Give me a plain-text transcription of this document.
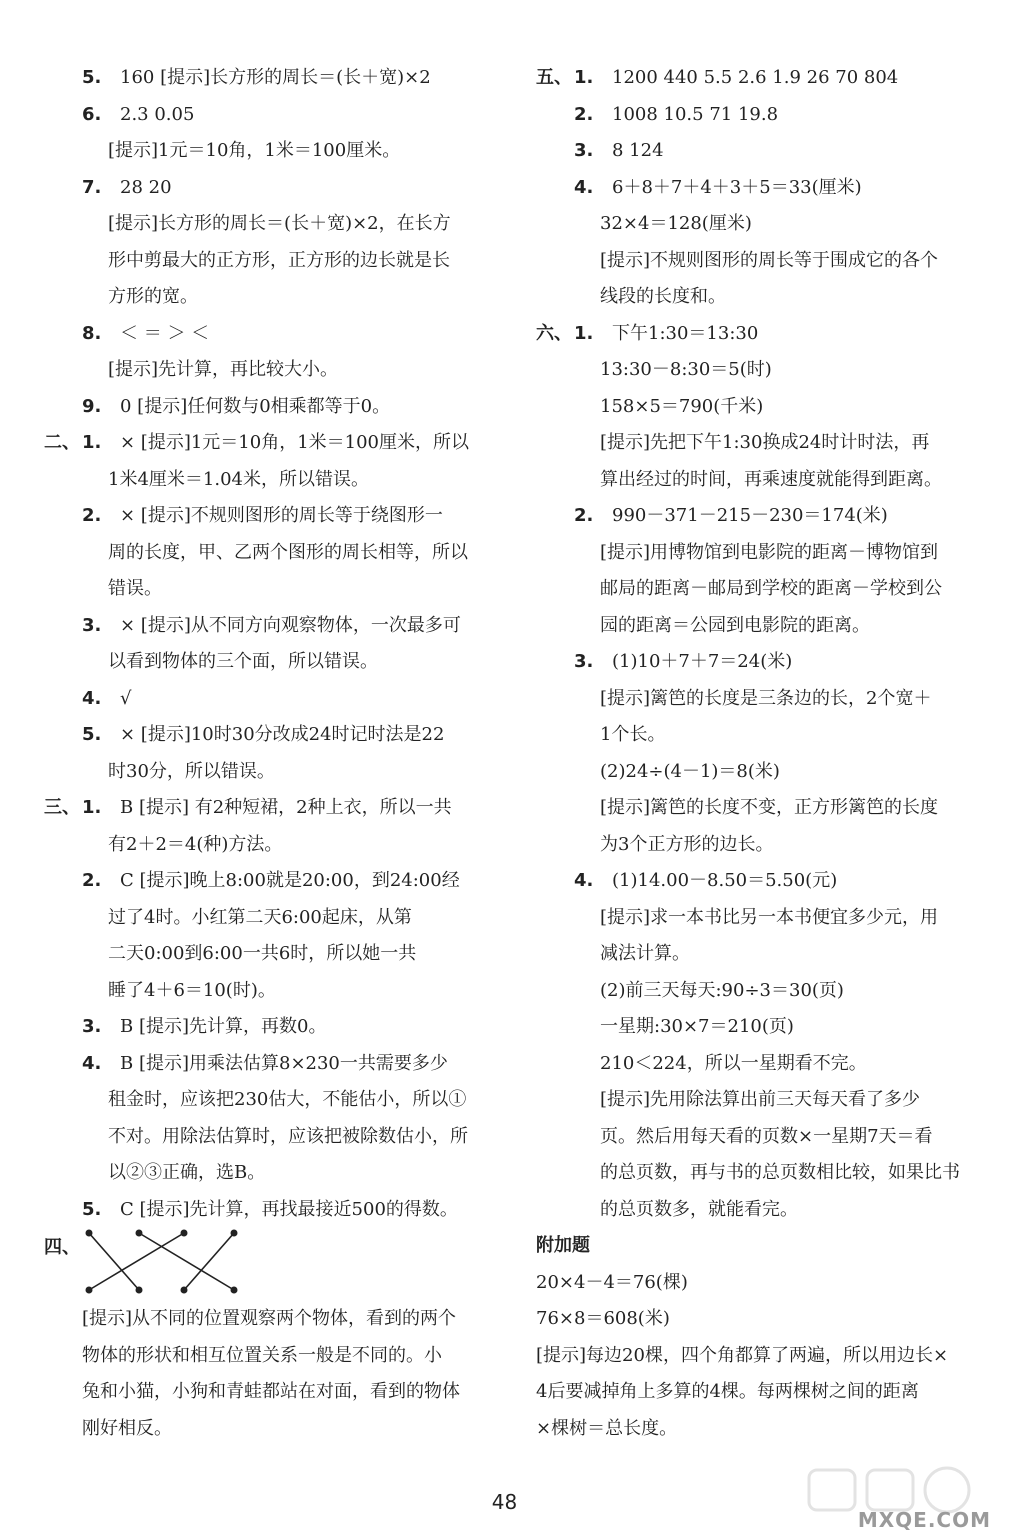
5. 160 [提示]长方形的周长＝(长＋宽)×2
6. 2.3 0.05
[提示]1元＝10角，1米＝100厘米。
7. 28 20
[提示]长方形的周长＝(长＋宽)×2，在长方
形中剪最大的正方形，正方形的边长就是长
方形的宽。
8. ＜ ＝ ＞ ＜
[提示]先计算，再比较大小。
9. 0 [提示]任何数与0相乘都等于0。
二、 1. × [提示]1元＝10角，1米＝100厘米，所以
1米4厘米＝1.04米，所以错误。
2. × [提示]不规则图形的周长等于绕图形一
周的长度，甲、乙两个图形的周长相等，所以
错误。
3. × [提示]从不同方向观察物体，一次最多可
以看到物体的三个面，所以错误。
4. √
5. × [提示]10时30分改成24时记时法是22
时30分，所以错误。
三、 1. B [提示] 有2种短裙，2种上衣，所以一共
有2＋2＝4(种)方法。
2. C [提示]晚上8:00就是20:00，到24:00经
过了4时。小红第二天6:00起床，从第
二天0:00到6:00一共6时，所以她一共
睡了4＋6＝10(时)。
3. B [提示]先计算，再数0。
4. B [提示]用乘法估算8×230一共需要多少
租金时，应该把230估大，不能估小，所以①
不对。用除法估算时，应该把被除数估小，所
以②③正确，选B。
5. C [提示]先计算，再找最接近500的得数。
四、
[提示]从不同的位置观察两个物体，看到的两个
物体的形状和相互位置关系一般是不同的。小
兔和小猫，小狗和青蛙都站在对面，看到的物体
刚好相反。
五、 1. 1200 440 5.5 2.6 1.9 26 70 804
2. 1008 10.5 71 19.8
3. 8 124
4. 6＋8＋7＋4＋3＋5＝33(厘米)
32×4＝128(厘米)
[提示]不规则图形的周长等于围成它的各个
线段的长度和。
六、 1. 下午1:30＝13:30
13:30－8:30＝5(时)
158×5＝790(千米)
[提示]先把下午1:30换成24时计时法，再
算出经过的时间，再乘速度就能得到距离。
2. 990－371－215－230＝174(米)
[提示]用博物馆到电影院的距离－博物馆到
邮局的距离－邮局到学校的距离－学校到公
园的距离＝公园到电影院的距离。
3. (1)10＋7＋7＝24(米)
[提示]篱笆的长度是三条边的长，2个宽＋
1个长。
(2)24÷(4－1)＝8(米)
[提示]篱笆的长度不变，正方形篱笆的长度
为3个正方形的边长。
4. (1)14.00－8.50＝5.50(元)
[提示]求一本书比另一本书便宜多少元，用
减法计算。
(2)前三天每天:90÷3＝30(页)
一星期:30×7＝210(页)
210＜224，所以一星期看不完。
[提示]先用除法算出前三天每天看了多少
页。然后用每天看的页数×一星期7天＝看
的总页数，再与书的总页数相比较，如果比书
的总页数多，就能看完。
附加题
20×4－4＝76(棵)
76×8＝608(米)
[提示]每边20棵，四个角都算了两遍，所以用边长×
4后要减掉角上多算的4棵。每两棵树之间的距离
×棵树＝总长度。
48
MXQE.COM
